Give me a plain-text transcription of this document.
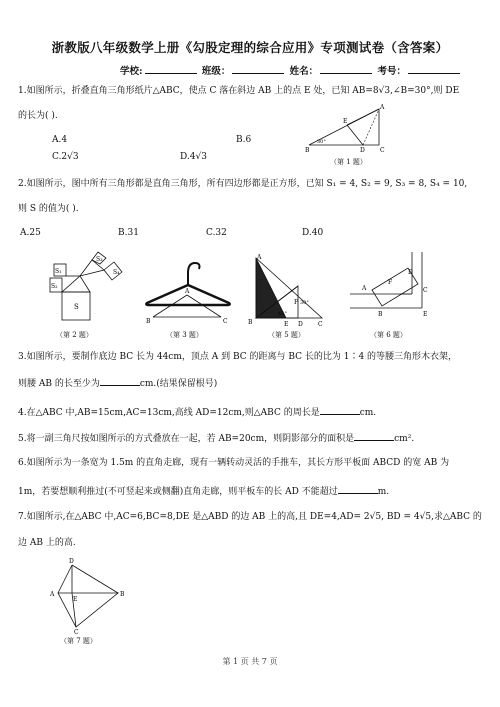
浙教版八年级数学上册《勾股定理的综合应用》专项测试卷（含答案）
学校:	班级：	姓名：	考号：
1.如图所示，折叠直角三角形纸片△ABC，使点 C 落在斜边 AB 上的点 E 处，已知 AB=8√3,∠B=30°,则 DE
的长为( ).
A.4	B.6
C.2√3	D.4√3
A
E
D
B	C
30°
（第 1 题）
2.如图所示，图中所有三角形都是直角三角形，所有四边形都是正方形，已知 S₁ = 4, S₂ = 9, S₃ = 8, S₄ = 10,
则 S 的值为( ).
A.25	B.31	C.32	D.40
S₁
S₂
S₃
S₄
S
（第 2 题）
A
B	C
（第 3 题）
A
B	C
D
E
F 30°
45°
（第 5 题）
D
C
A
B	E
F
（第 6 题）
3.如图所示，要制作底边 BC 长为 44cm，顶点 A 到 BC 的距离与 BC 长的比为 1∶4 的等腰三角形木衣架，
则腰 AB 的长至少为	cm.(结果保留根号)
4.在△ABC 中,AB=15cm,AC=13cm,高线 AD=12cm,则△ABC 的周长是	cm.
5.将一副三角尺按如图所示的方式叠放在一起，若 AB=20cm，则阴影部分的面积是	cm².
6.如图所示为一条宽为 1.5m 的直角走廊，现有一辆转动灵活的手推车，其长方形平板面 ABCD 的宽 AB 为
1m，若要想顺利推过(不可竖起来或侧翻)直角走廊，则平板车的长 AD 不能超过	m.
7.如图所示,在△ABC 中,AC=6,BC=8,DE 是△ABD 的边 AB 上的高,且 DE=4,AD= 2√5, BD = 4√5,求△ABC 的
边 AB 上的高.
D
A
E
B
C
（第 7 题）
第 1 页 共 7 页
